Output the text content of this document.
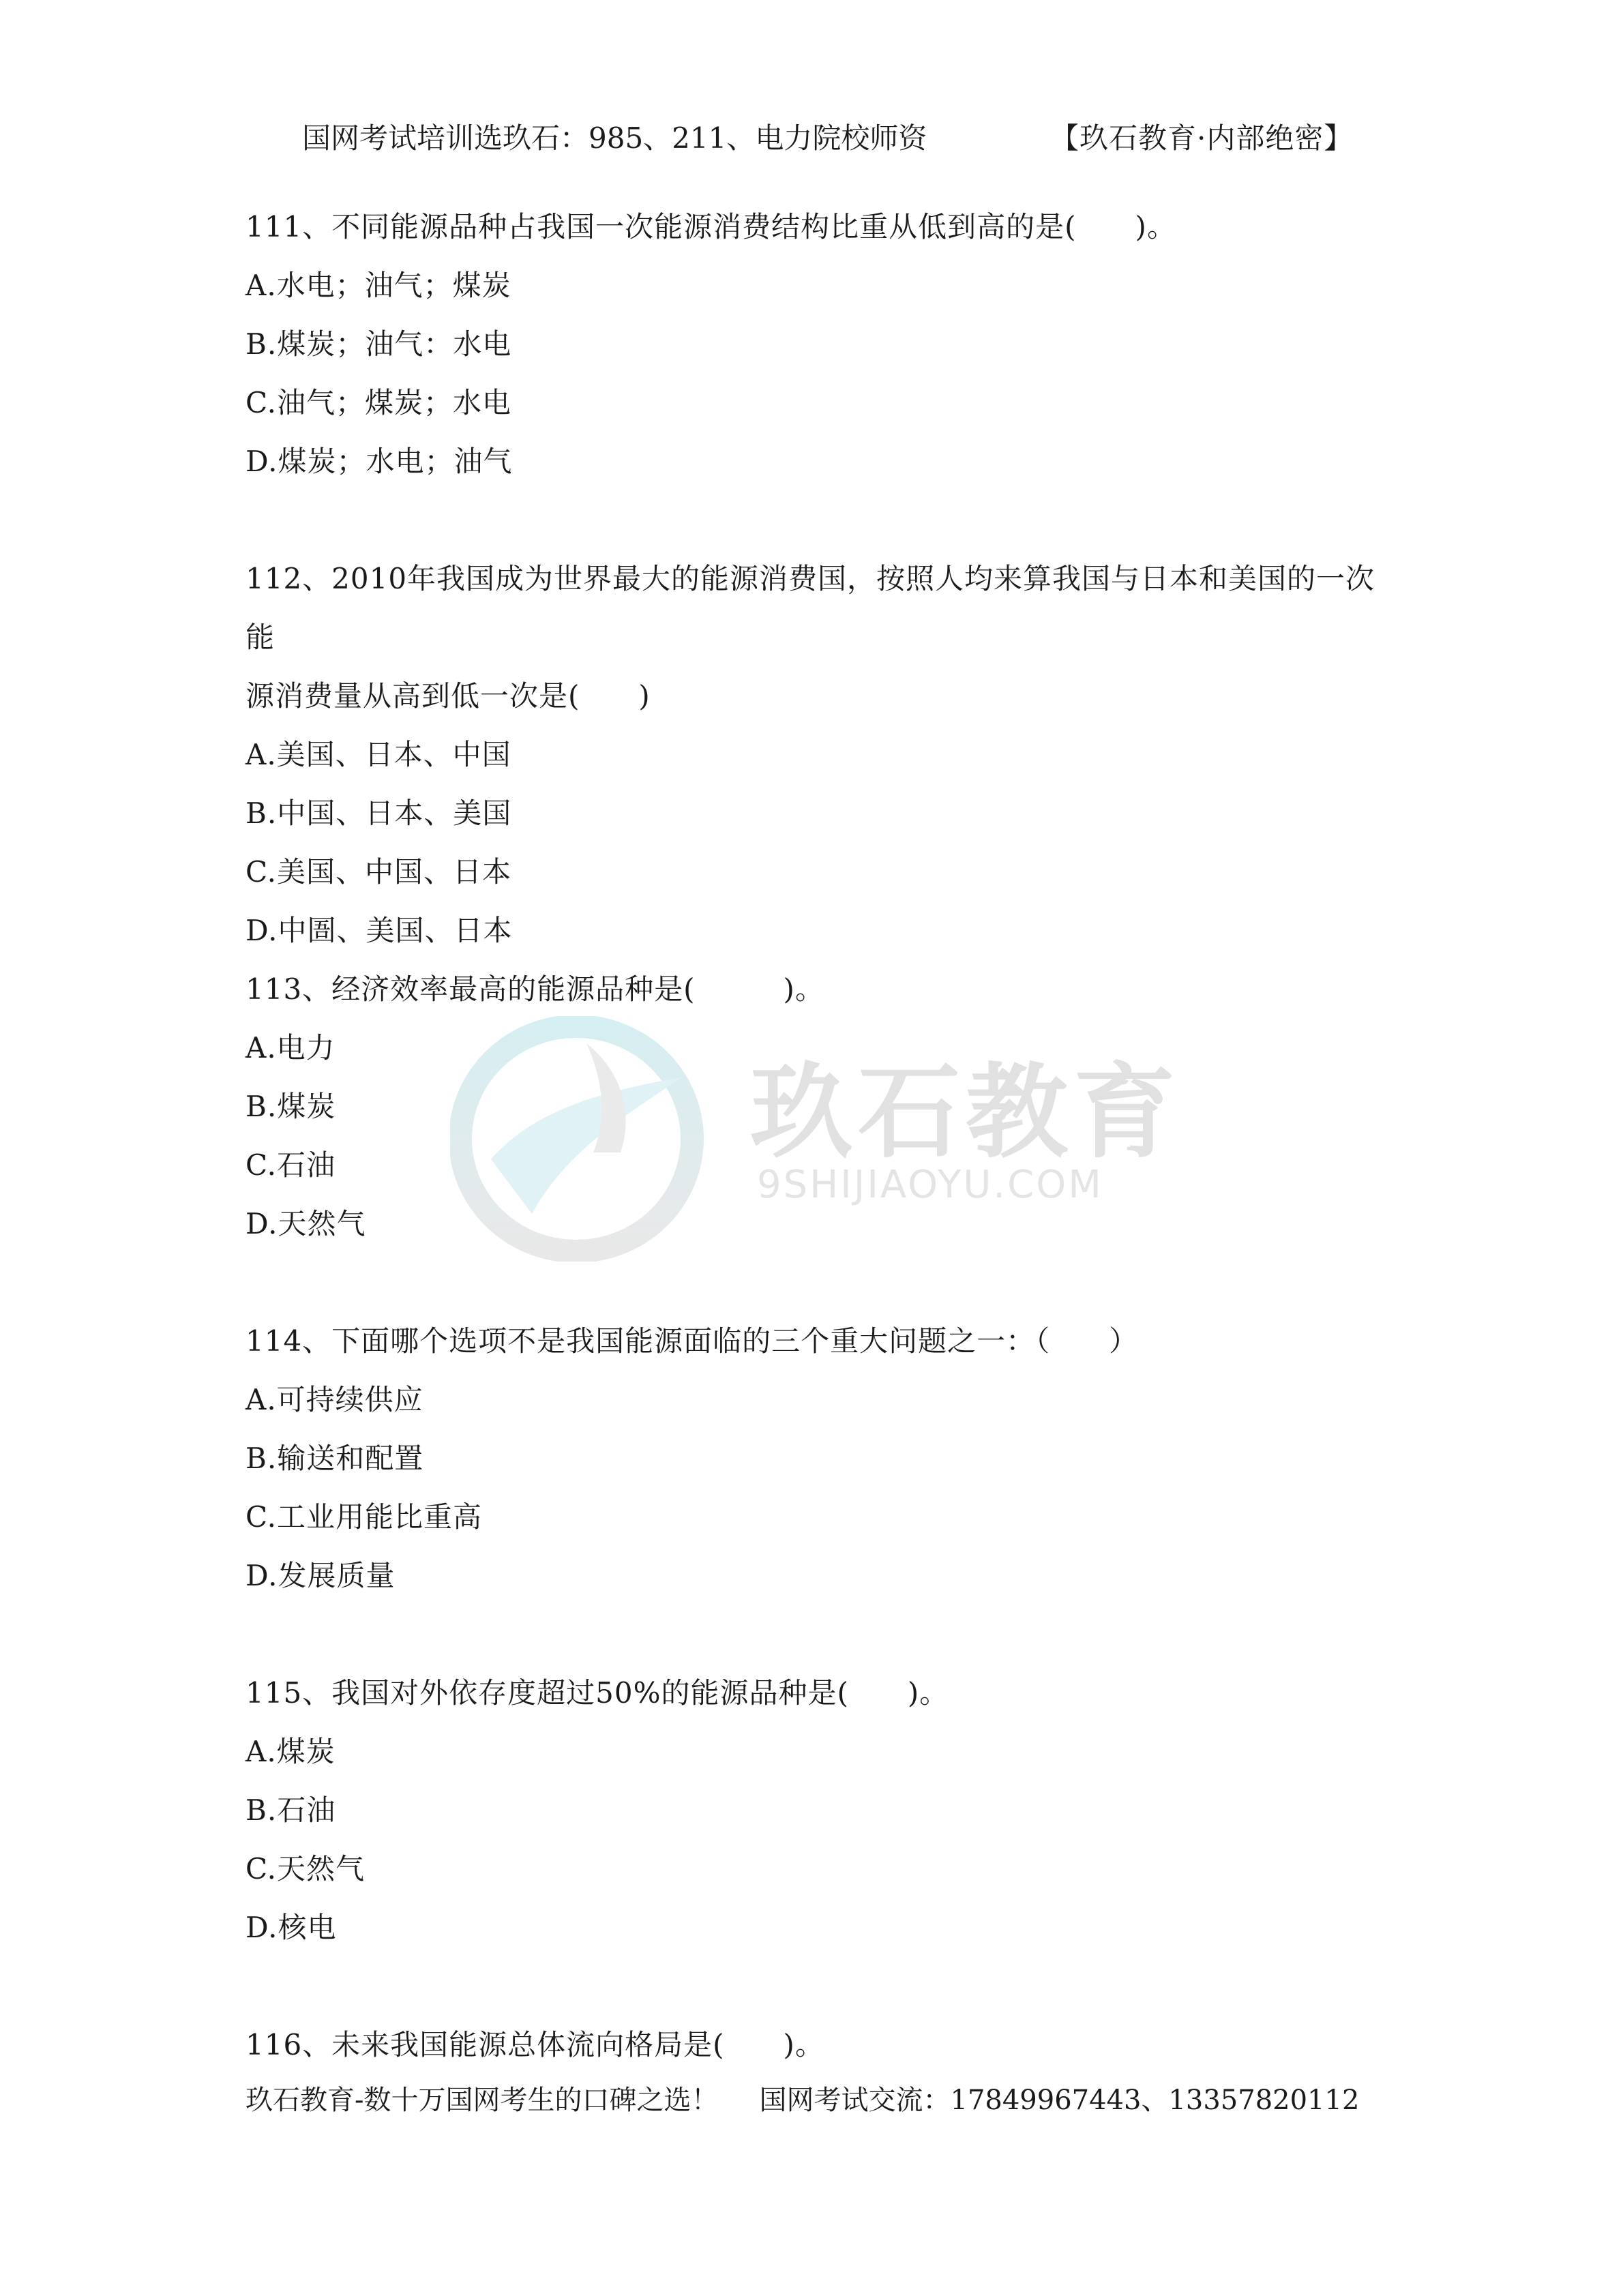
国网考试培训选玖石：985、211、电力院校师资	【玖石教育·内部绝密】
玖石教育
9SHIJIAOYU.COM

111、不同能源品种占我国一次能源消费结构比重从低到高的是(　　)。

A.水电；油气；煤炭

B.煤炭；油气：水电

C.油气；煤炭；水电

D.煤炭；水电；油气

112、2010年我国成为世界最大的能源消费国，按照人均来算我国与日本和美国的一次能

源消费量从高到低一次是(　　)

A.美国、日本、中国

B.中国、日本、美国

C.美国、中国、日本

D.中圄、美国、日本

113、经济效率最高的能源品种是(　　　)。

A.电力

B.煤炭

C.石油

D.天然气

114、下面哪个选项不是我国能源面临的三个重大问题之一：（　　）

A.可持续供应

B.输送和配置

C.工业用能比重高

D.发展质量

115、我国对外依存度超过50%的能源品种是(　　)。

A.煤炭

B.石油

C.天然气

D.核电

116、未来我国能源总体流向格局是(　　)。

玖石教育-数十万国网考生的口碑之选！ 国网考试交流：17849967443、13357820112
